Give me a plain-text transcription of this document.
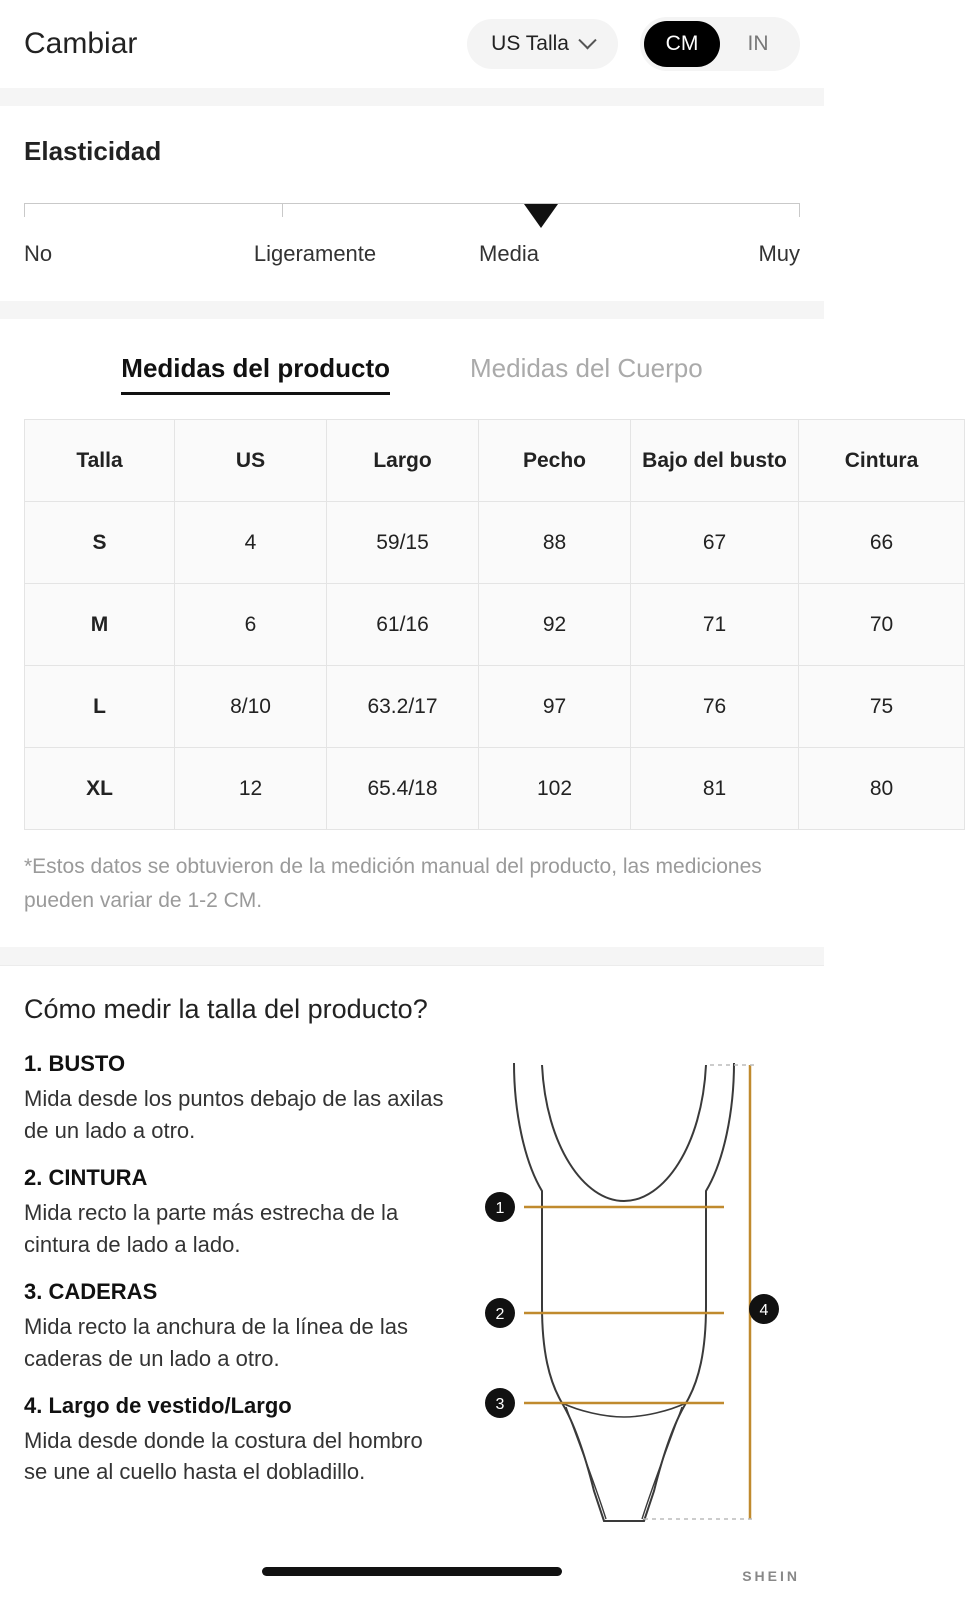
Cambiar	US Talla	CM	IN
Elasticidad
No	Ligeramente	Media	Muy
Medidas del producto	Medidas del Cuerpo
Talla	US	Largo	Pecho	Bajo del busto	Cintura
S	4	59/15	88	67	66
M	6	61/16	92	71	70
L	8/10	63.2/17	97	76	75
XL	12	65.4/18	102	81	80
*Estos datos se obtuvieron de la medición manual del producto, las mediciones pueden variar de 1-2 CM.
Cómo medir la talla del producto?
1. BUSTO
Mida desde los puntos debajo de las axilas de un lado a otro.
2. CINTURA
Mida recto la parte más estrecha de la cintura de lado a lado.
3. CADERAS
Mida recto la anchura de la línea de las caderas de un lado a otro.
4. Largo de vestido/Largo
Mida desde donde la costura del hombro se une al cuello hasta el dobladillo.
1
2
3
4
SHEIN
